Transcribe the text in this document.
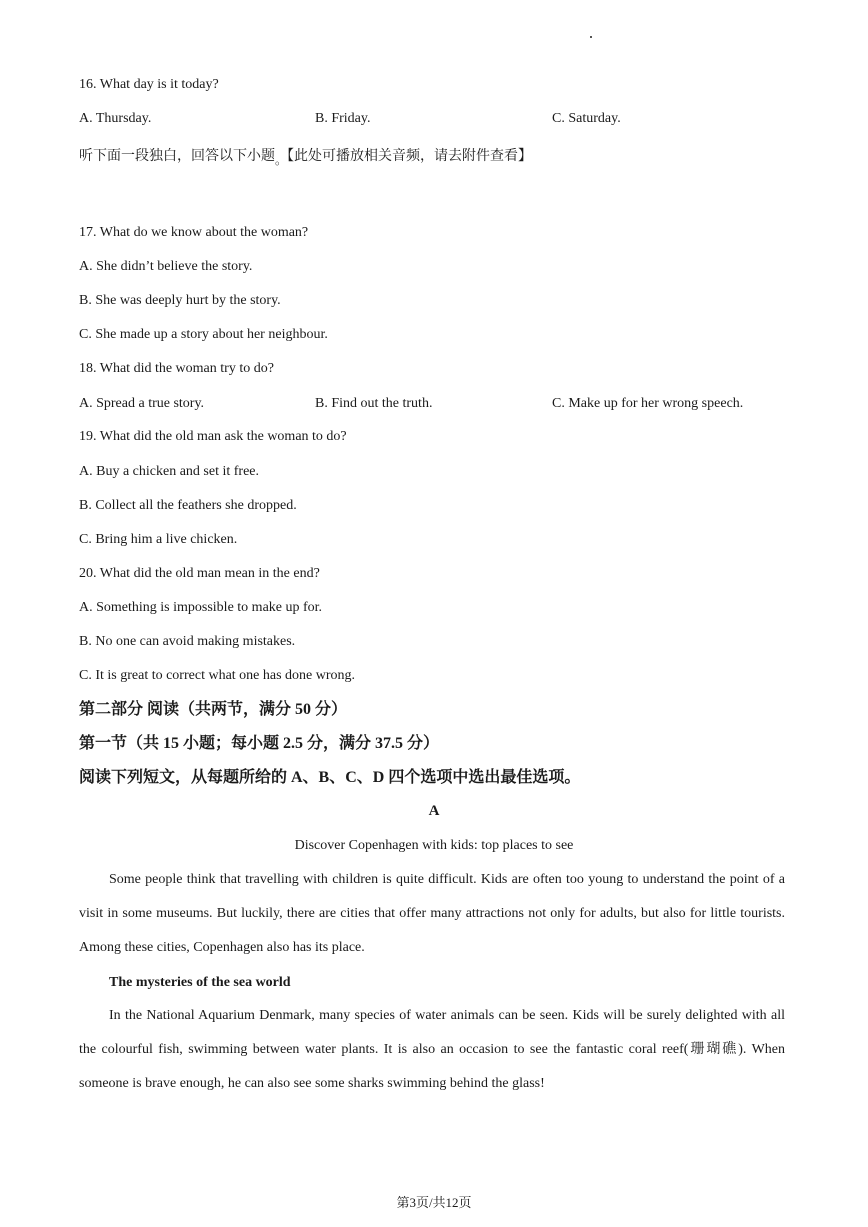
16. What day is it today?
A. Thursday.	B. Friday.	C. Saturday.
听下面一段独白，回答以下小题。【此处可播放相关音频，请去附件查看】
17. What do we know about the woman?
A. She didn’t believe the story.
B. She was deeply hurt by the story.
C. She made up a story about her neighbour.
18. What did the woman try to do?
A. Spread a true story.	B. Find out the truth.	C. Make up for her wrong speech.
19. What did the old man ask the woman to do?
A. Buy a chicken and set it free.
B. Collect all the feathers she dropped.
C. Bring him a live chicken.
20. What did the old man mean in the end?
A. Something is impossible to make up for.
B. No one can avoid making mistakes.
C. It is great to correct what one has done wrong.
第二部分 阅读（共两节，满分 50 分）
第一节（共 15 小题；每小题 2.5 分，满分 37.5 分）
阅读下列短文，从每题所给的 A、B、C、D 四个选项中选出最佳选项。
A
Discover Copenhagen with kids: top places to see
Some people think that travelling with children is quite difficult. Kids are often too young to understand the point of a visit in some museums. But luckily, there are cities that offer many attractions not only for adults, but also for little tourists. Among these cities, Copenhagen also has its place.
The mysteries of the sea world
In the National Aquarium Denmark, many species of water animals can be seen. Kids will be surely delighted with all the colourful fish, swimming between water plants. It is also an occasion to see the fantastic coral reef(珊瑚礁). When someone is brave enough, he can also see some sharks swimming behind the glass!
第3页/共12页
